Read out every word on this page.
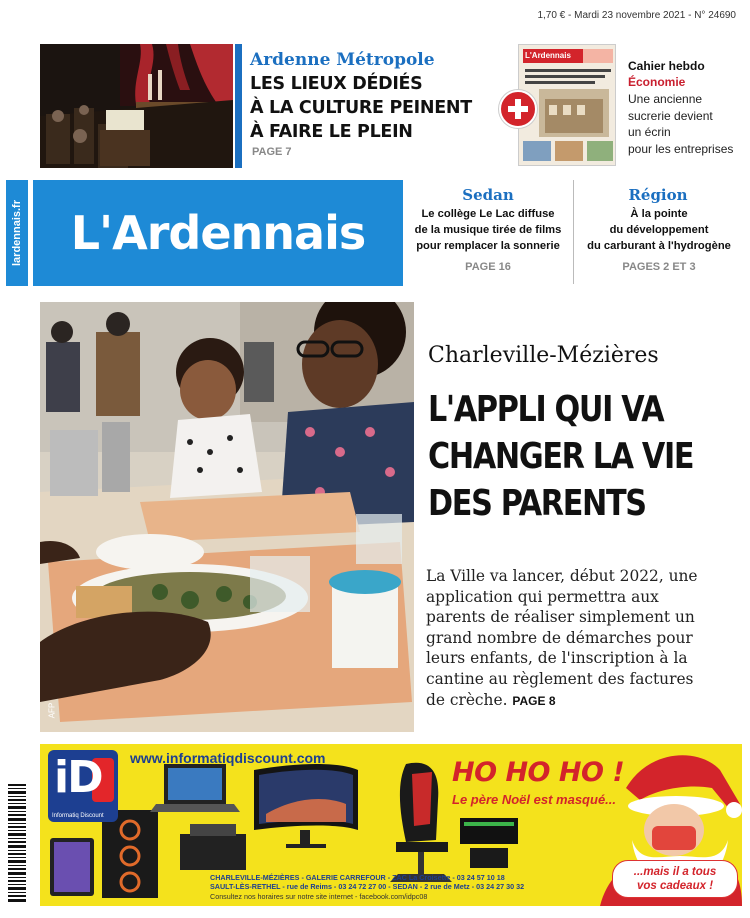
1,70 € - Mardi 23 novembre 2021 - N° 24690
Ardenne Métropole
LES LIEUX DÉDIÉS
À LA CULTURE PEINENT
À FAIRE LE PLEIN
PAGE 7
L'Ardennais
Cahier hebdo
Économie
Une ancienne
sucrerie devient
un écrin
pour les entreprises
lardennais.fr	L'Ardennais
Sedan
Le collège Le Lac diffuse
de la musique tirée de films
pour remplacer la sonnerie
PAGE 16
Région
À la pointe
du développement
du carburant à l'hydrogène
PAGES 2 ET 3
AFP
Charleville-Mézières
L'APPLI QUI VA
CHANGER LA VIE
DES PARENTS
La Ville va lancer, début 2022, une application qui permettra aux parents de réaliser simplement un grand nombre de démarches pour leurs enfants, de l'inscription à la cantine au règlement des factures de crèche. PAGE 8
iD
Informatiq Discount
www.informatiqdiscount.com	HO HO HO !
Le père Noël est masqué...
CHARLEVILLE-MÉZIÈRES - GALERIE CARREFOUR - ZAC La Croisette - 03 24 57 10 18
SAULT-LÈS-RETHEL - rue de Reims - 03 24 72 27 00 - SEDAN - 2 rue de Metz - 03 24 27 30 32
Consultez nos horaires sur notre site internet - facebook.com/idpc08
...mais il a tous
vos cadeaux !
